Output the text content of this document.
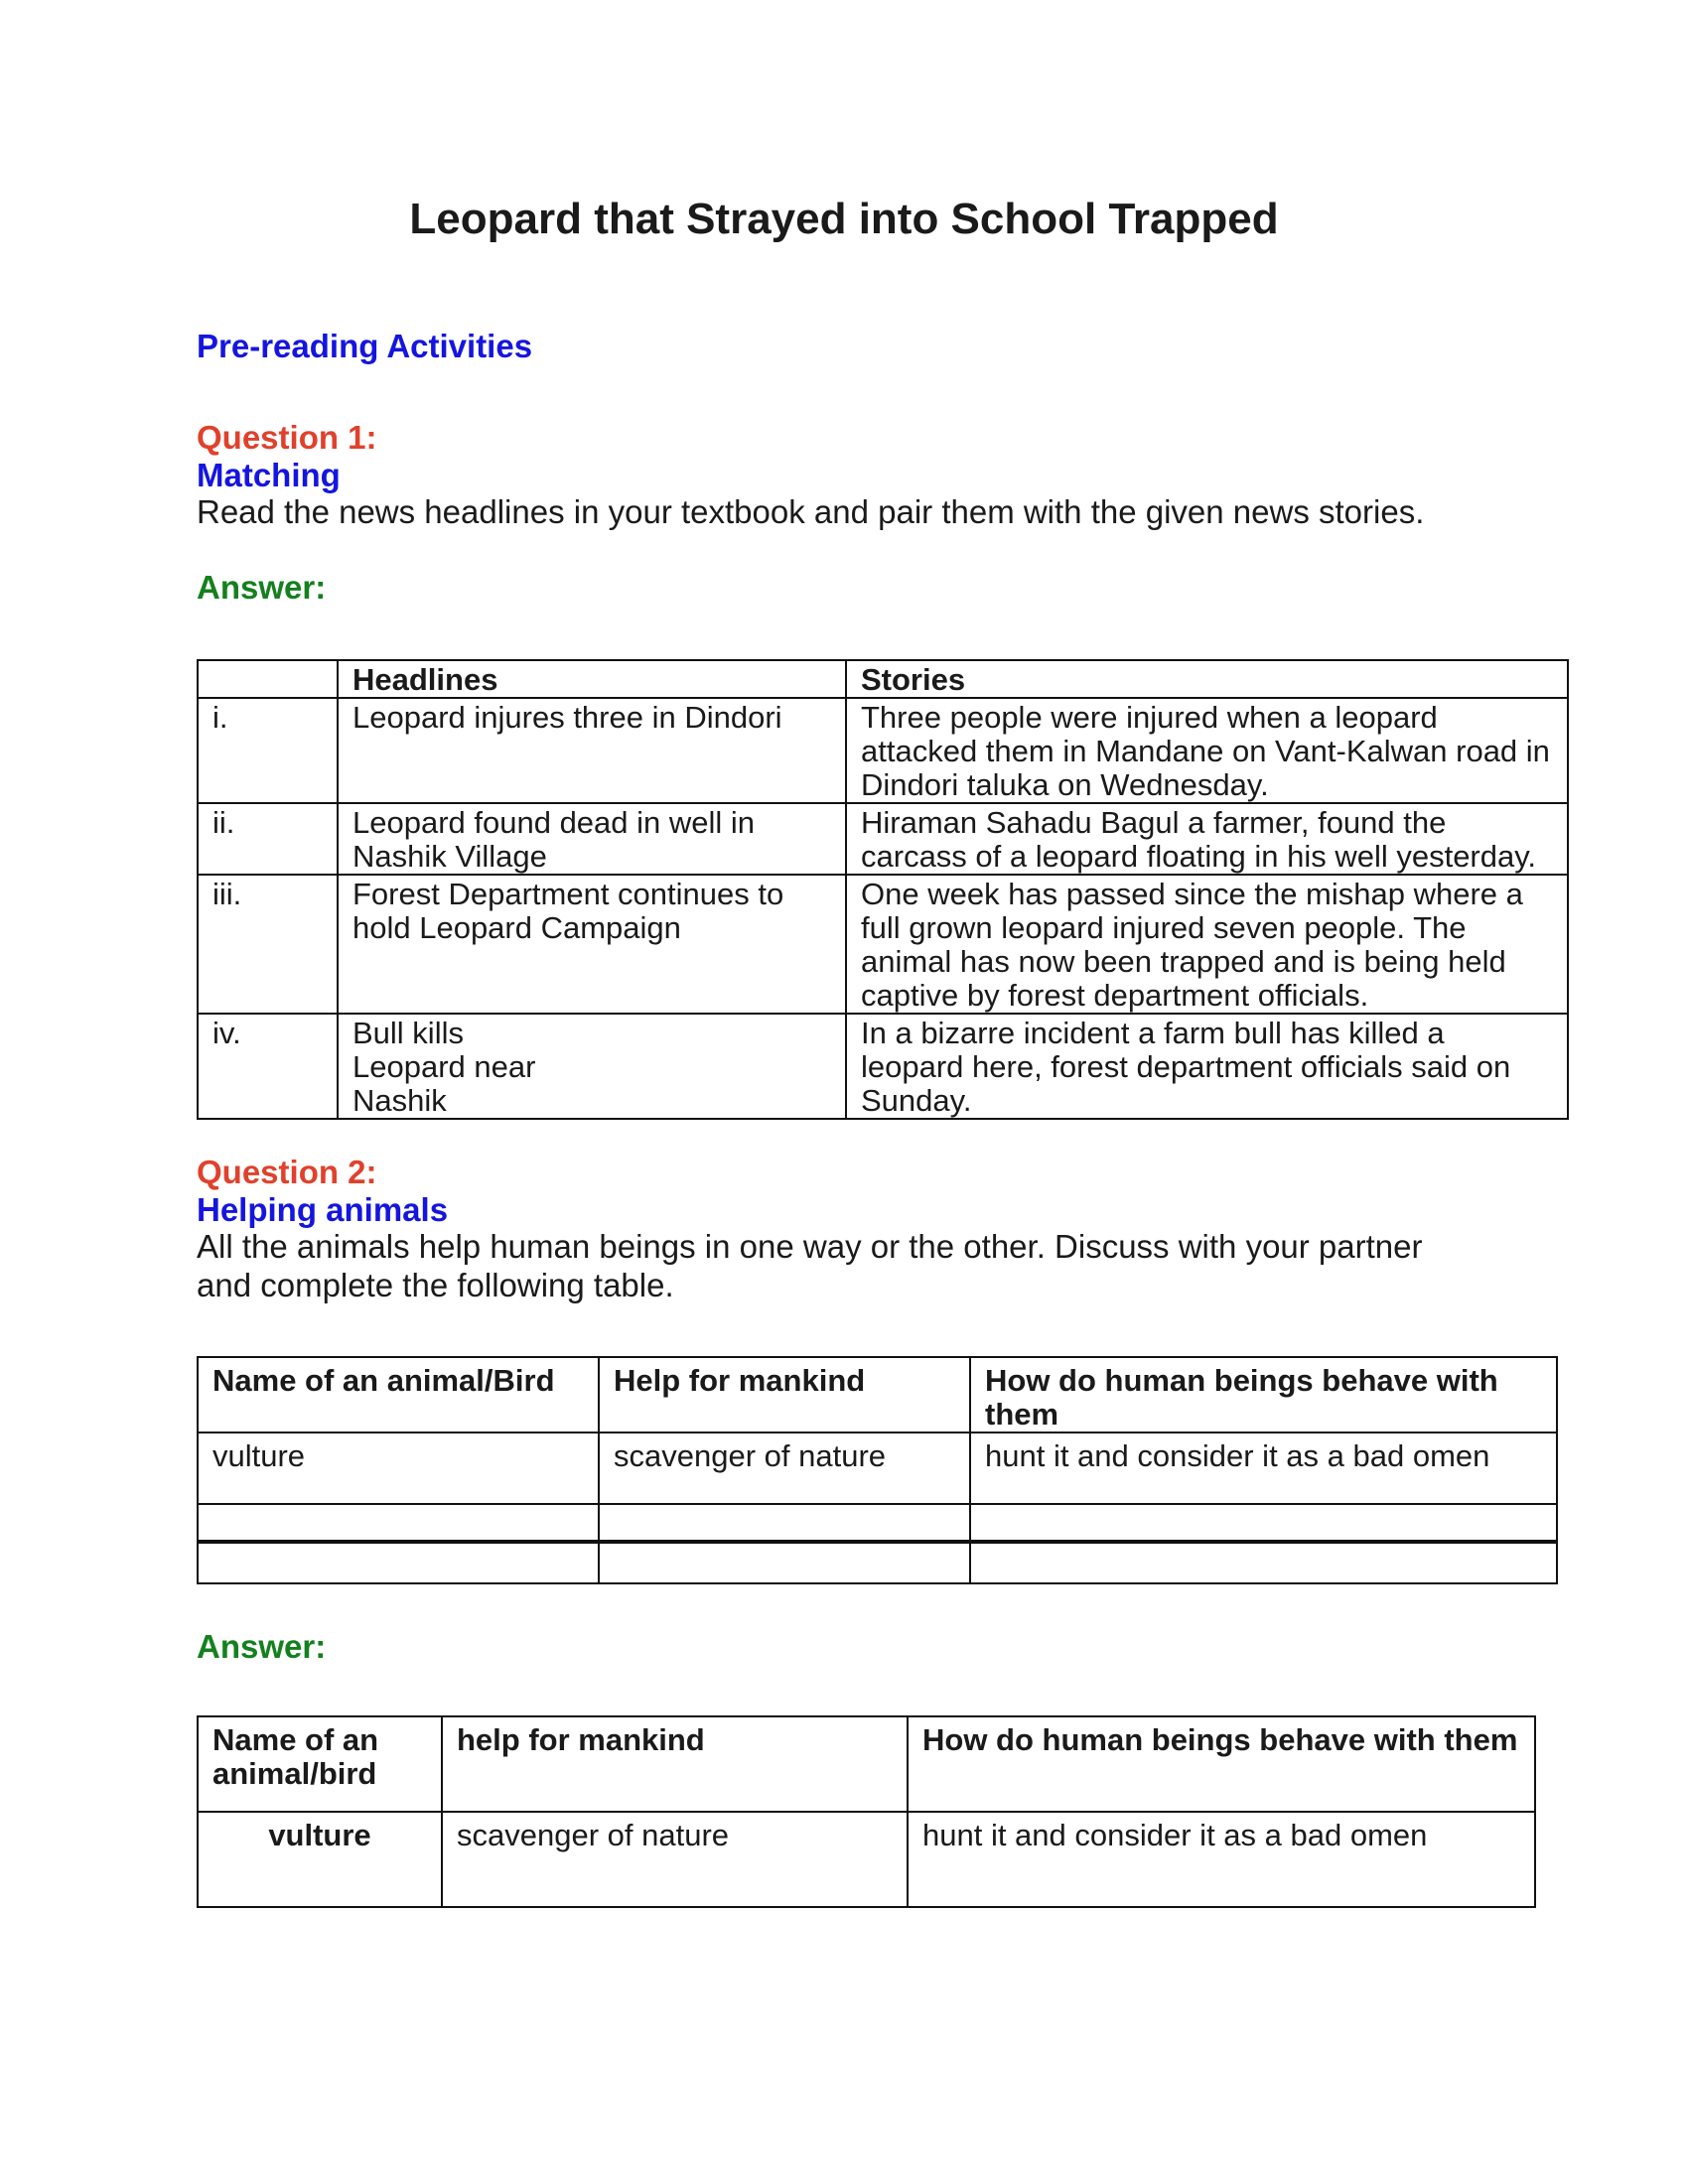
Leopard that Strayed into School Trapped
Pre-reading Activities
Question 1:
Matching
Read the news headlines in your textbook and pair them with the given news stories.
Answer:
	Headlines	Stories
i.	Leopard injures three in Dindori	Three people were injured when a leopard attacked them in Mandane on Vant-Kalwan road in Dindori taluka on Wednesday.
ii.	Leopard found dead in well in Nashik Village	Hiraman Sahadu Bagul a farmer, found the carcass of a leopard floating in his well yesterday.
iii.	Forest Department continues to hold Leopard Campaign	One week has passed since the mishap where a full grown leopard injured seven people. The animal has now been trapped and is being held captive by forest department officials.
iv.	Bull kills
Leopard near
Nashik	In a bizarre incident a farm bull has killed a leopard here, forest department officials said on Sunday.
Question 2:
Helping animals
All the animals help human beings in one way or the other. Discuss with your partner
and complete the following table.
Name of an animal/Bird	Help for mankind	How do human beings behave with them
vulture	scavenger of nature	hunt it and consider it as a bad omen

Answer:
Name of an animal/bird	help for mankind	How do human beings behave with them
vulture	scavenger of nature	hunt it and consider it as a bad omen
